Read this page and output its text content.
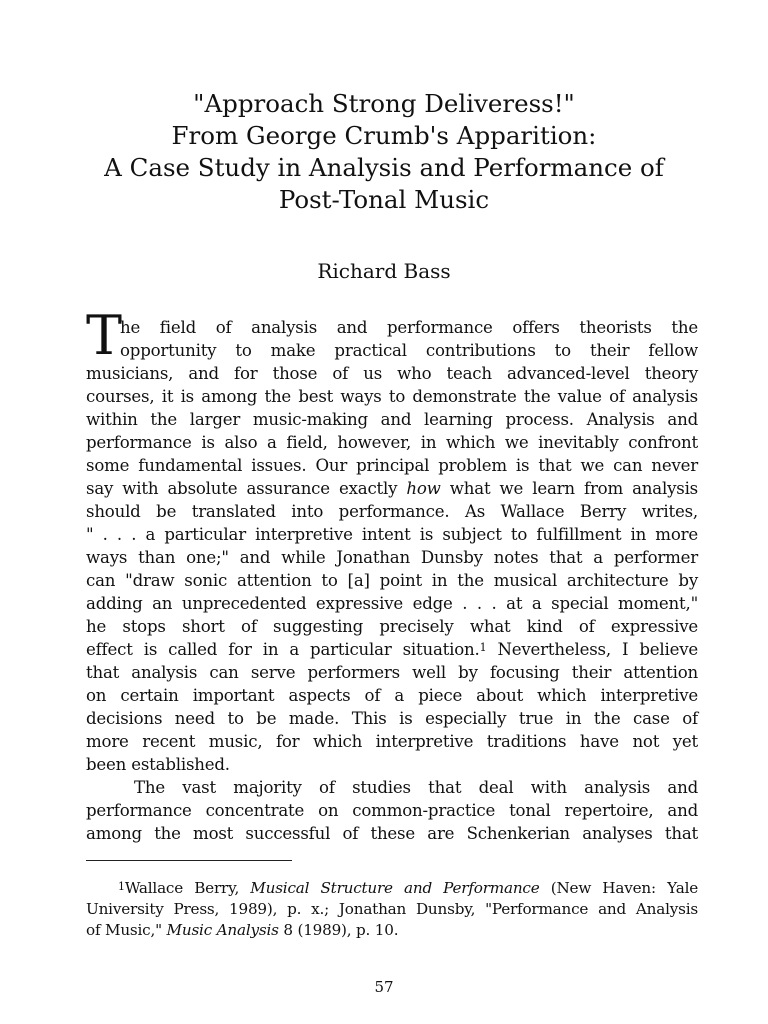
"Approach Strong Deliveress!"
From George Crumb's Apparition:
A Case Study in Analysis and Performance of
Post-Tonal Music
Richard Bass
T
he field of analysis and performance offers theorists the
opportunity to make practical contributions to their fellow
musicians, and for those of us who teach advanced-level theory
courses, it is among the best ways to demonstrate the value of analysis
within the larger music-making and learning process. Analysis and
performance is also a field, however, in which we inevitably confront
some fundamental issues. Our principal problem is that we can never
say with absolute assurance exactly how what we learn from analysis
should be translated into performance. As Wallace Berry writes,
" . . . a particular interpretive intent is subject to fulfillment in more
ways than one;" and while Jonathan Dunsby notes that a performer
can "draw sonic attention to [a] point in the musical architecture by
adding an unprecedented expressive edge . . . at a special moment,"
he stops short of suggesting precisely what kind of expressive
effect is called for in a particular situation.$^1$ Nevertheless, I believe
that analysis can serve performers well by focusing their attention
on certain important aspects of a piece about which interpretive
decisions need to be made. This is especially true in the case of
more recent music, for which interpretive traditions have not yet
been established.
The vast majority of studies that deal with analysis and
performance concentrate on common-practice tonal repertoire, and
among the most successful of these are Schenkerian analyses that
$^1$Wallace Berry, Musical Structure and Performance (New Haven: Yale
University Press, 1989), p. x.; Jonathan Dunsby, "Performance and Analysis
of Music," Music Analysis 8 (1989), p. 10.
57
